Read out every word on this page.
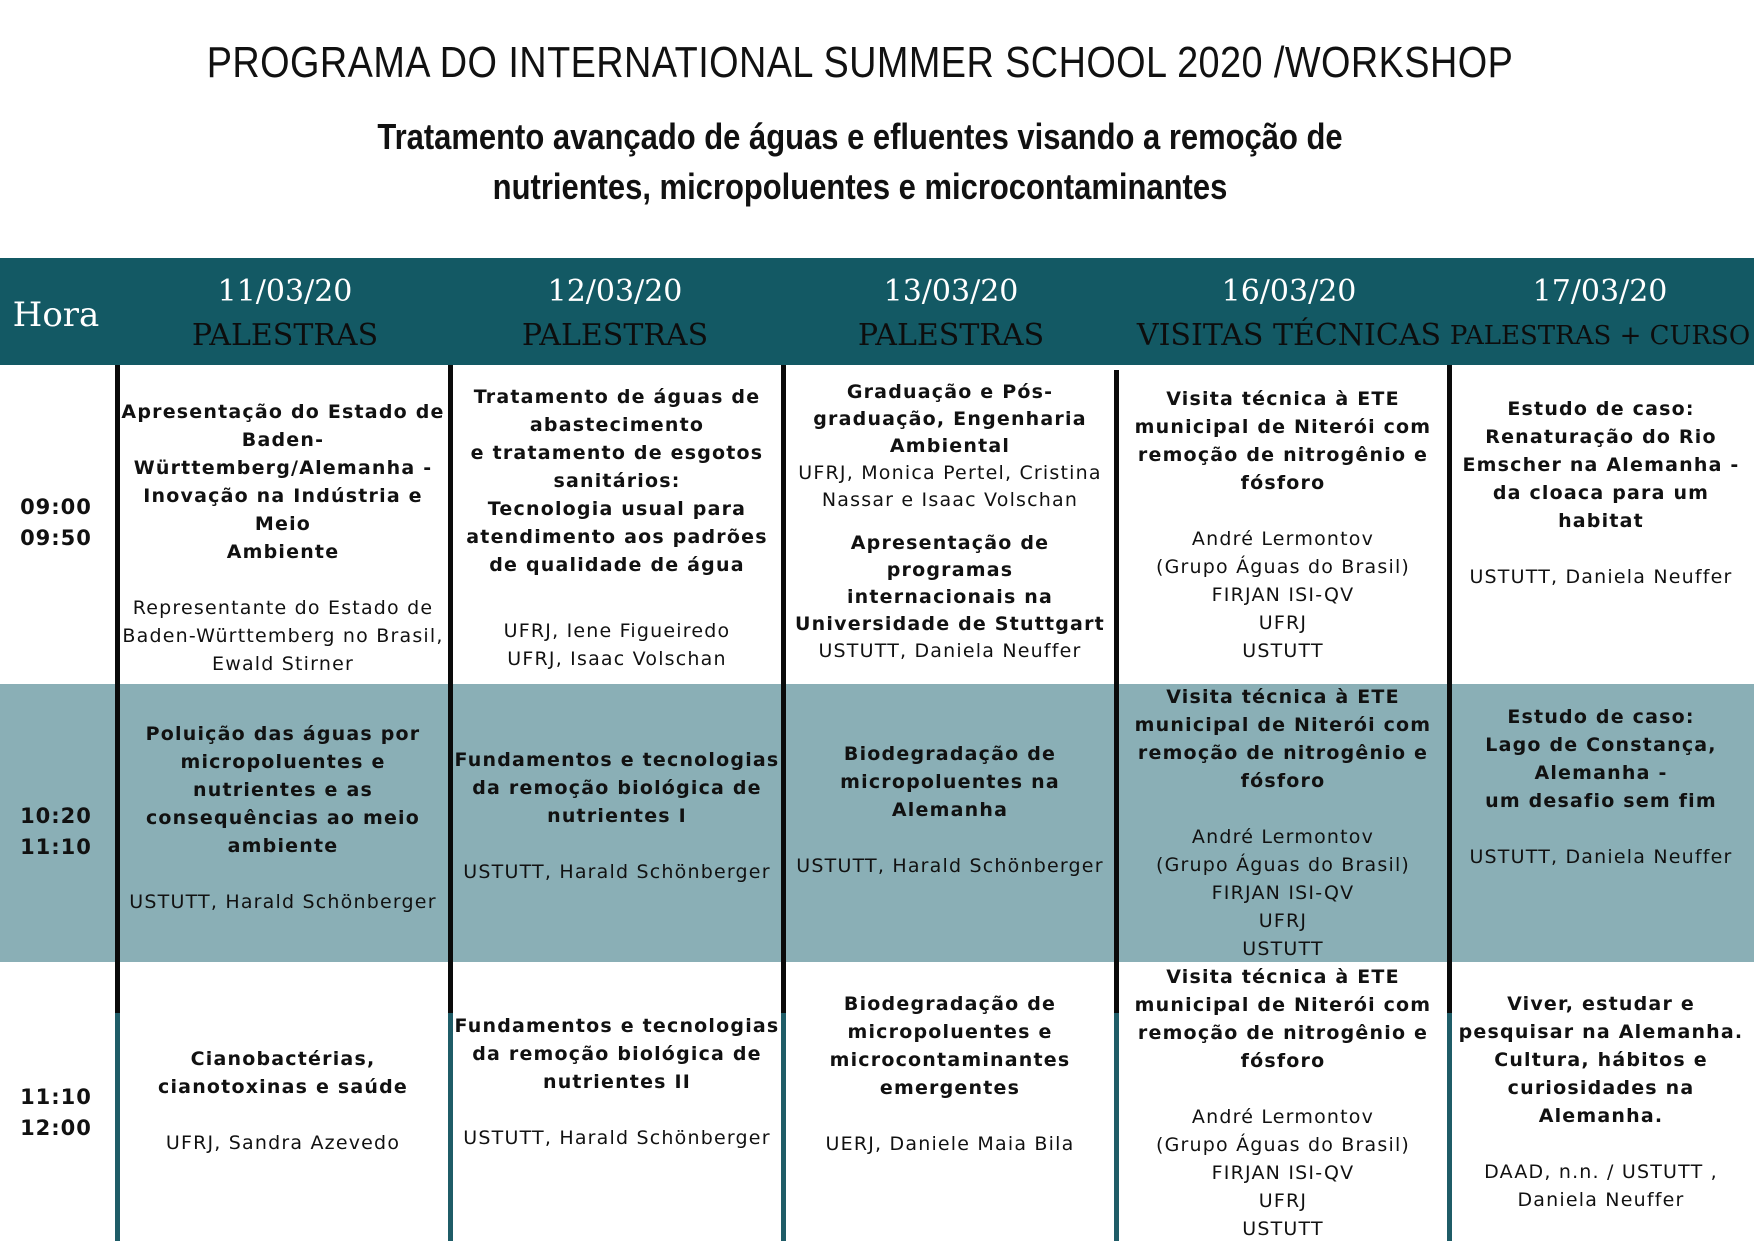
PROGRAMA DO INTERNATIONAL SUMMER SCHOOL 2020 /WORKSHOP
Tratamento avançado de águas e efluentes visando a remoção de
nutrientes, micropoluentes e microcontaminantes
Hora
11/03/20
PALESTRAS
12/03/20
PALESTRAS
13/03/20
PALESTRAS
16/03/20
VISITAS TÉCNICAS
17/03/20
PALESTRAS + CURSO
09:00
09:50
10:20
11:10
11:10
12:00
Apresentação do Estado de
Baden-
Württemberg/Alemanha -
Inovação na Indústria e Meio
Ambiente
Representante do Estado de
Baden-Württemberg no Brasil,
Ewald Stirner
Tratamento de águas de
abastecimento
e tratamento de esgotos
sanitários:
Tecnologia usual para
atendimento aos padrões
de qualidade de água
UFRJ, Iene Figueiredo
UFRJ, Isaac Volschan
Graduação e Pós-
graduação, Engenharia
Ambiental
UFRJ, Monica Pertel, Cristina
Nassar e Isaac Volschan
Apresentação de programas
internacionais na
Universidade de Stuttgart
USTUTT, Daniela Neuffer
Visita técnica à ETE
municipal de Niterói com
remoção de nitrogênio e
fósforo
André Lermontov
(Grupo Águas do Brasil)
FIRJAN ISI-QV
UFRJ
USTUTT
Estudo de caso:
Renaturação do Rio
Emscher na Alemanha -
da cloaca para um
habitat
USTUTT, Daniela Neuffer
Poluição das águas por
micropoluentes e
nutrientes e as
consequências ao meio
ambiente
USTUTT, Harald Schönberger
Fundamentos e tecnologias
da remoção biológica de
nutrientes I
USTUTT, Harald Schönberger
Biodegradação de
micropoluentes na
Alemanha
USTUTT, Harald Schönberger
Visita técnica à ETE
municipal de Niterói com
remoção de nitrogênio e
fósforo
André Lermontov
(Grupo Águas do Brasil)
FIRJAN ISI-QV
UFRJ
USTUTT
Estudo de caso:
Lago de Constança,
Alemanha -
um desafio sem fim
USTUTT, Daniela Neuffer
Cianobactérias,
cianotoxinas e saúde
UFRJ, Sandra Azevedo
Fundamentos e tecnologias
da remoção biológica de
nutrientes II
USTUTT, Harald Schönberger
Biodegradação de
micropoluentes e
microcontaminantes
emergentes
UERJ, Daniele Maia Bila
Visita técnica à ETE
municipal de Niterói com
remoção de nitrogênio e
fósforo
André Lermontov
(Grupo Águas do Brasil)
FIRJAN ISI-QV
UFRJ
USTUTT
Viver, estudar e
pesquisar na Alemanha.
Cultura, hábitos e
curiosidades na
Alemanha.
DAAD, n.n. / USTUTT ,
Daniela Neuffer
